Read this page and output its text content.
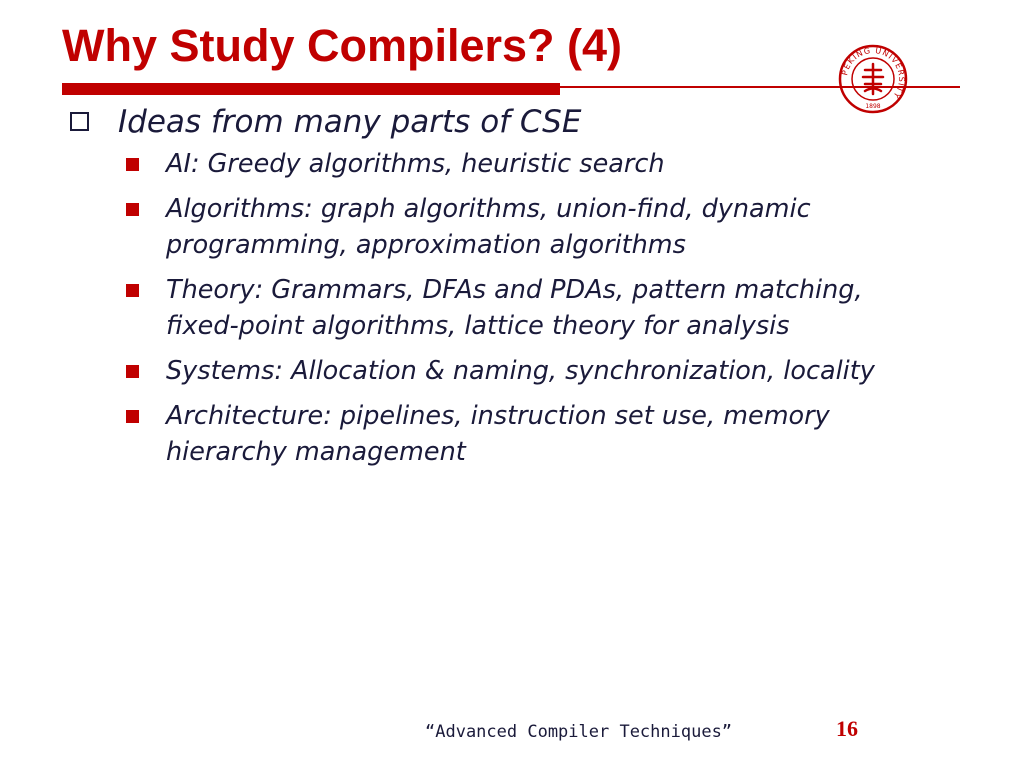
Why Study Compilers? (4)
PEKING UNIVERSITY
1898

Ideas from many parts of CSE

AI: Greedy algorithms, heuristic search

Algorithms: graph algorithms, union-find, dynamic programming, approximation algorithms

Theory: Grammars, DFAs and PDAs, pattern matching, fixed-point algorithms, lattice theory for analysis

Systems: Allocation & naming, synchronization, locality

Architecture: pipelines, instruction set use, memory hierarchy management

“Advanced Compiler Techniques”	16
